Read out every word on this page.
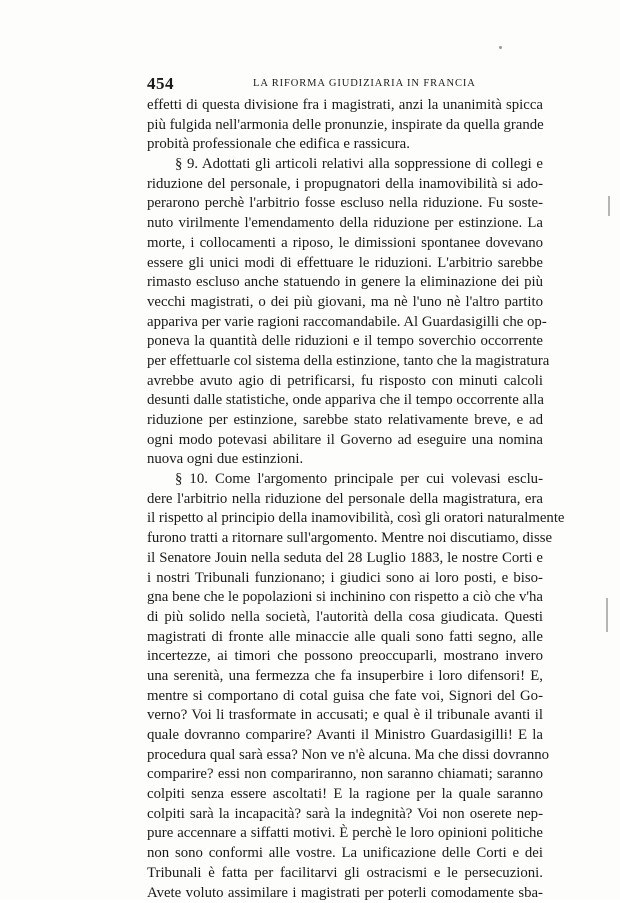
454	LA RIFORMA GIUDIZIARIA IN FRANCIA
effetti di questa divisione fra i magistrati, anzi la unanimità spicca
più fulgida nell'armonia delle pronunzie, inspirate da quella grande
probità professionale che edifica e rassicura.
§ 9. Adottati gli articoli relativi alla soppressione di collegi e
riduzione del personale, i propugnatori della inamovibilità si ado-
perarono perchè l'arbitrio fosse escluso nella riduzione. Fu soste-
nuto virilmente l'emendamento della riduzione per estinzione. La
morte, i collocamenti a riposo, le dimissioni spontanee dovevano
essere gli unici modi di effettuare le riduzioni. L'arbitrio sarebbe
rimasto escluso anche statuendo in genere la eliminazione dei più
vecchi magistrati, o dei più giovani, ma nè l'uno nè l'altro partito
appariva per varie ragioni raccomandabile. Al Guardasigilli che op-
poneva la quantità delle riduzioni e il tempo soverchio occorrente
per effettuarle col sistema della estinzione, tanto che la magistratura
avrebbe avuto agio di petrificarsi, fu risposto con minuti calcoli
desunti dalle statistiche, onde appariva che il tempo occorrente alla
riduzione per estinzione, sarebbe stato relativamente breve, e ad
ogni modo potevasi abilitare il Governo ad eseguire una nomina
nuova ogni due estinzioni.
§ 10. Come l'argomento principale per cui volevasi esclu-
dere l'arbitrio nella riduzione del personale della magistratura, era
il rispetto al principio della inamovibilità, così gli oratori naturalmente
furono tratti a ritornare sull'argomento. Mentre noi discutiamo, disse
il Senatore Jouin nella seduta del 28 Luglio 1883, le nostre Corti e
i nostri Tribunali funzionano; i giudici sono ai loro posti, e biso-
gna bene che le popolazioni si inchinino con rispetto a ciò che v'ha
di più solido nella società, l'autorità della cosa giudicata. Questi
magistrati di fronte alle minaccie alle quali sono fatti segno, alle
incertezze, ai timori che possono preoccuparli, mostrano invero
una serenità, una fermezza che fa insuperbire i loro difensori! E,
mentre si comportano di cotal guisa che fate voi, Signori del Go-
verno? Voi li trasformate in accusati; e qual è il tribunale avanti il
quale dovranno comparire? Avanti il Ministro Guardasigilli! E la
procedura qual sarà essa? Non ve n'è alcuna. Ma che dissi dovranno
comparire? essi non compariranno, non saranno chiamati; saranno
colpiti senza essere ascoltati! E la ragione per la quale saranno
colpiti sarà la incapacità? sarà la indegnità? Voi non oserete nep-
pure accennare a siffatti motivi. È perchè le loro opinioni politiche
non sono conformi alle vostre. La unificazione delle Corti e dei
Tribunali è fatta per facilitarvi gli ostracismi e le persecuzioni.
Avete voluto assimilare i magistrati per poterli comodamente sba-
